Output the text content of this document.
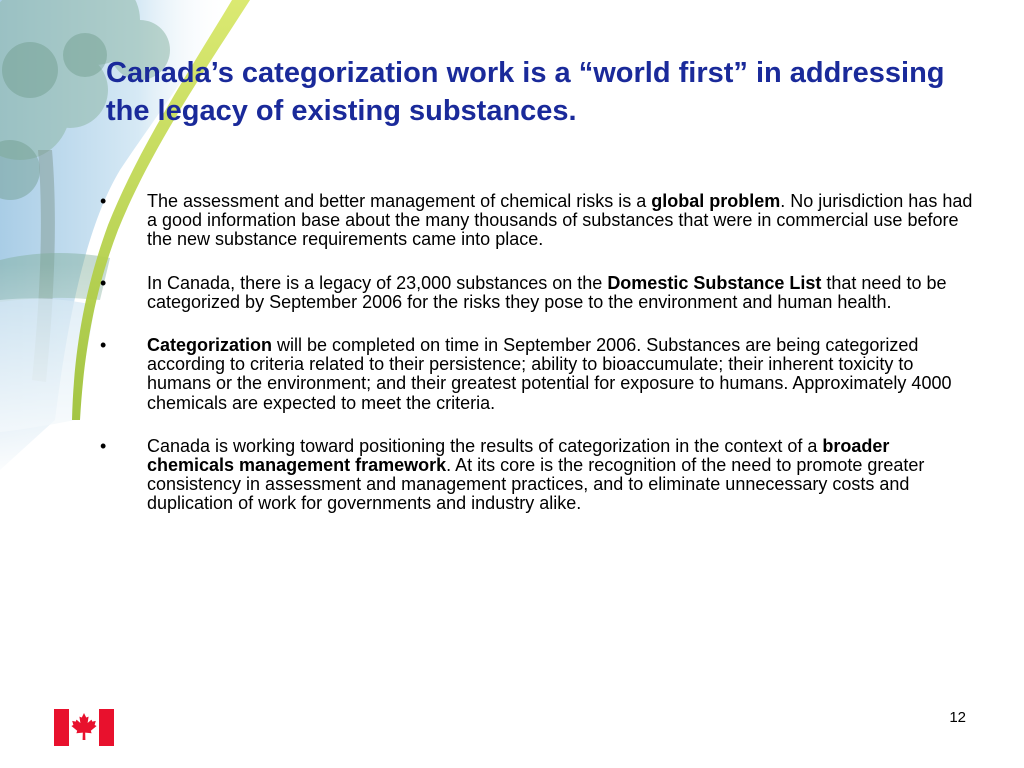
Canada’s categorization work is a “world first” in addressing the legacy of existing substances.
•	The assessment and better management of chemical risks is a global problem. No jurisdiction has had a good information base about the many thousands of substances that were in commercial use before the new substance requirements came into place.
•	In Canada, there is a legacy of 23,000 substances on the Domestic Substance List that need to be categorized by September 2006 for the risks they pose to the environment and human health.
•	Categorization will be completed on time in September 2006. Substances are being categorized according to criteria related to their persistence; ability to bioaccumulate; their inherent toxicity to humans or the environment; and their greatest potential for exposure to humans. Approximately 4000 chemicals are expected to meet the criteria.
•	Canada is working toward positioning the results of categorization in the context of a broader chemicals management framework. At its core is the recognition of the need to promote greater consistency in assessment and management practices, and to eliminate unnecessary costs and duplication of work for governments and industry alike.
12
